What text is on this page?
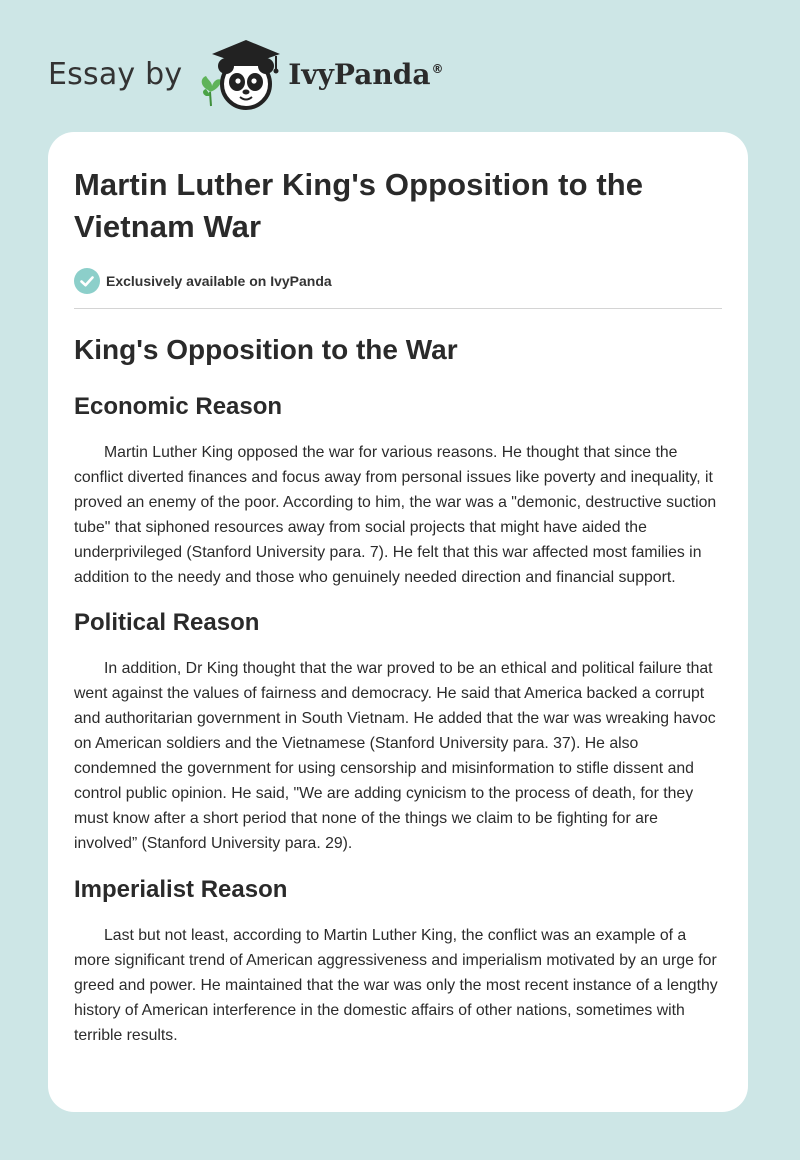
Essay by	IvyPanda®
Martin Luther King's Opposition to the Vietnam War
Exclusively available on IvyPanda
King's Opposition to the War
Economic Reason

Martin Luther King opposed the war for various reasons. He thought that since the conflict diverted finances and focus away from personal issues like poverty and inequality, it proved an enemy of the poor. According to him, the war was a "demonic, destructive suction tube" that siphoned resources away from social projects that might have aided the underprivileged (Stanford University para. 7). He felt that this war affected most families in addition to the needy and those who genuinely needed direction and financial support.

Political Reason

In addition, Dr King thought that the war proved to be an ethical and political failure that went against the values of fairness and democracy. He said that America backed a corrupt and authoritarian government in South Vietnam. He added that the war was wreaking havoc on American soldiers and the Vietnamese (Stanford University para. 37). He also condemned the government for using censorship and misinformation to stifle dissent and control public opinion. He said, "We are adding cynicism to the process of death, for they must know after a short period that none of the things we claim to be fighting for are involved” (Stanford University para. 29).

Imperialist Reason

Last but not least, according to Martin Luther King, the conflict was an example of a more significant trend of American aggressiveness and imperialism motivated by an urge for greed and power. He maintained that the war was only the most recent instance of a lengthy history of American interference in the domestic affairs of other nations, sometimes with terrible results.
